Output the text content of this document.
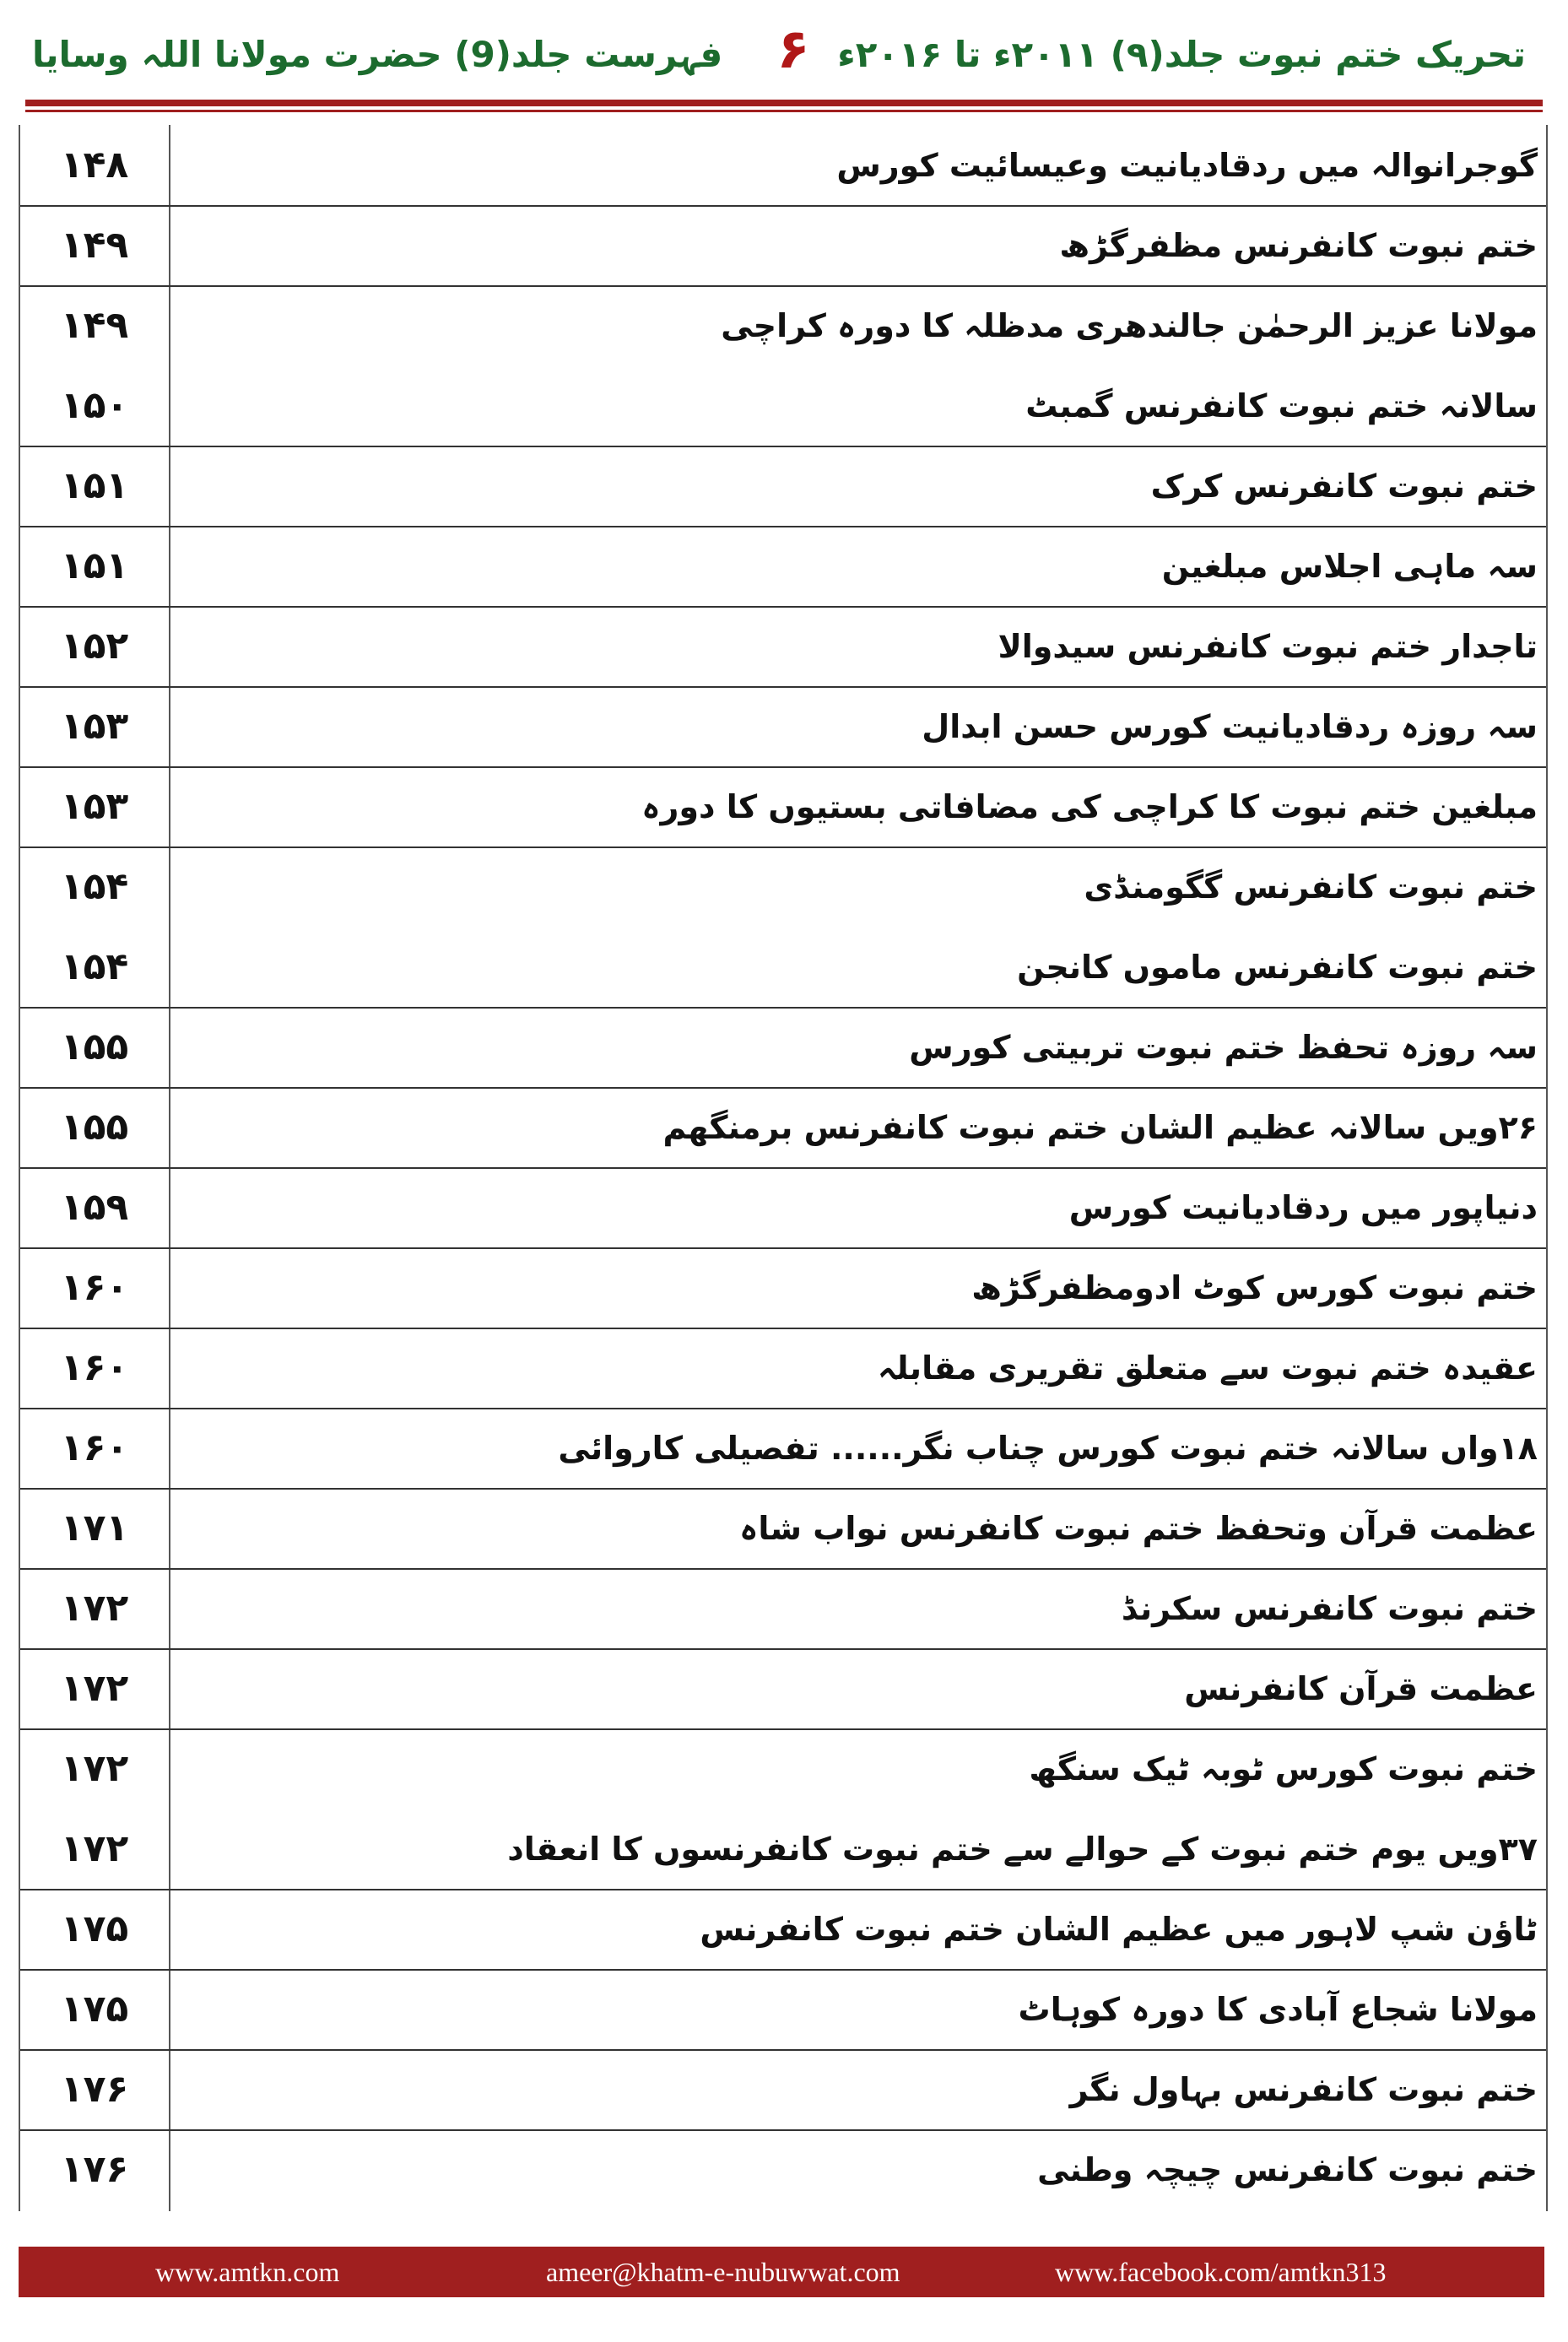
تحریک ختم نبوت جلد(۹) ۲۰۱۱ء تا ۲۰۱۶ء
۶
فہرست جلد(9) حضرت مولانا اللہ وسایا
۱۴۸	گوجرانوالہ میں ردقادیانیت وعیسائیت کورس
۱۴۹	ختم نبوت کانفرنس مظفرگڑھ
۱۴۹	مولانا عزیز الرحمٰن جالندھری مدظلہ کا دورہ کراچی
۱۵۰	سالانہ ختم نبوت کانفرنس گمبٹ
۱۵۱	ختم نبوت کانفرنس کرک
۱۵۱	سہ ماہی اجلاس مبلغین
۱۵۲	تاجدار ختم نبوت کانفرنس سیدوالا
۱۵۳	سہ روزہ ردقادیانیت کورس حسن ابدال
۱۵۳	مبلغین ختم نبوت کا کراچی کی مضافاتی بستیوں کا دورہ
۱۵۴	ختم نبوت کانفرنس گگومنڈی
۱۵۴	ختم نبوت کانفرنس ماموں کانجن
۱۵۵	سہ روزہ تحفظ ختم نبوت تربیتی کورس
۱۵۵	۲۶ویں سالانہ عظیم الشان ختم نبوت کانفرنس برمنگھم
۱۵۹	دنیاپور میں ردقادیانیت کورس
۱۶۰	ختم نبوت کورس کوٹ ادومظفرگڑھ
۱۶۰	عقیدہ ختم نبوت سے متعلق تقریری مقابلہ
۱۶۰	۱۸واں سالانہ ختم نبوت کورس چناب نگر...... تفصیلی کاروائی
۱۷۱	عظمت قرآن وتحفظ ختم نبوت کانفرنس نواب شاہ
۱۷۲	ختم نبوت کانفرنس سکرنڈ
۱۷۲	عظمت قرآن کانفرنس
۱۷۲	ختم نبوت کورس ٹوبہ ٹیک سنگھ
۱۷۲	۳۷ویں یوم ختم نبوت کے حوالے سے ختم نبوت کانفرنسوں کا انعقاد
۱۷۵	ٹاؤن شپ لاہور میں عظیم الشان ختم نبوت کانفرنس
۱۷۵	مولانا شجاع آبادی کا دورہ کوہاٹ
۱۷۶	ختم نبوت کانفرنس بہاول نگر
۱۷۶	ختم نبوت کانفرنس چیچہ وطنی
www.amtkn.com	ameer@khatm-e-nubuwwat.com	www.facebook.com/amtkn313
